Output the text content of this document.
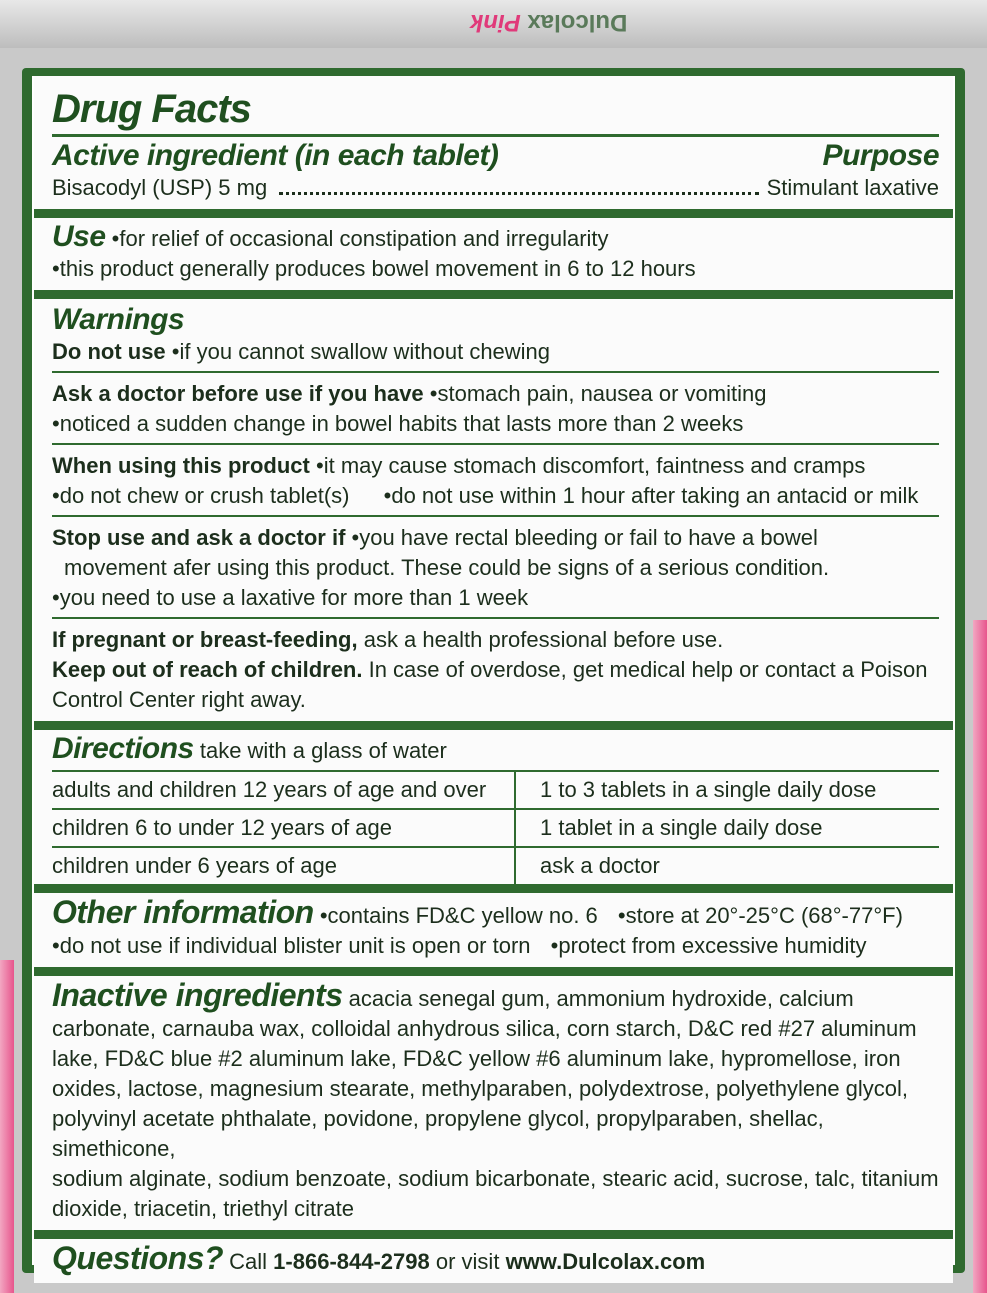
Dulcolax Pink
Drug Facts
Active ingredient (in each tablet)	Purpose
Bisacodyl (USP) 5 mg	Stimulant laxative
Use •for relief of occasional constipation and irregularity
•this product generally produces bowel movement in 6 to 12 hours
Warnings
Do not use •if you cannot swallow without chewing
Ask a doctor before use if you have •stomach pain, nausea or vomiting
•noticed a sudden change in bowel habits that lasts more than 2 weeks
When using this product •it may cause stomach discomfort, faintness and cramps
•do not chew or crush tablet(s) •do not use within 1 hour after taking an antacid or milk
Stop use and ask a doctor if •you have rectal bleeding or fail to have a bowel
movement afer using this product. These could be signs of a serious condition.
•you need to use a laxative for more than 1 week
If pregnant or breast-feeding, ask a health professional before use.
Keep out of reach of children. In case of overdose, get medical help or contact a Poison
Control Center right away.
Directions take with a glass of water
adults and children 12 years of age and over	1 to 3 tablets in a single daily dose
children 6 to under 12 years of age	1 tablet in a single daily dose
children under 6 years of age	ask a doctor
Other information •contains FD&C yellow no. 6 •store at 20°-25°C (68°-77°F)
•do not use if individual blister unit is open or torn •protect from excessive humidity
Inactive ingredients acacia senegal gum, ammonium hydroxide, calcium
carbonate, carnauba wax, colloidal anhydrous silica, corn starch, D&C red #27 aluminum
lake, FD&C blue #2 aluminum lake, FD&C yellow #6 aluminum lake, hypromellose, iron
oxides, lactose, magnesium stearate, methylparaben, polydextrose, polyethylene glycol,
polyvinyl acetate phthalate, povidone, propylene glycol, propylparaben, shellac, simethicone,
sodium alginate, sodium benzoate, sodium bicarbonate, stearic acid, sucrose, talc, titanium
dioxide, triacetin, triethyl citrate
Questions? Call 1-866-844-2798 or visit www.Dulcolax.com
